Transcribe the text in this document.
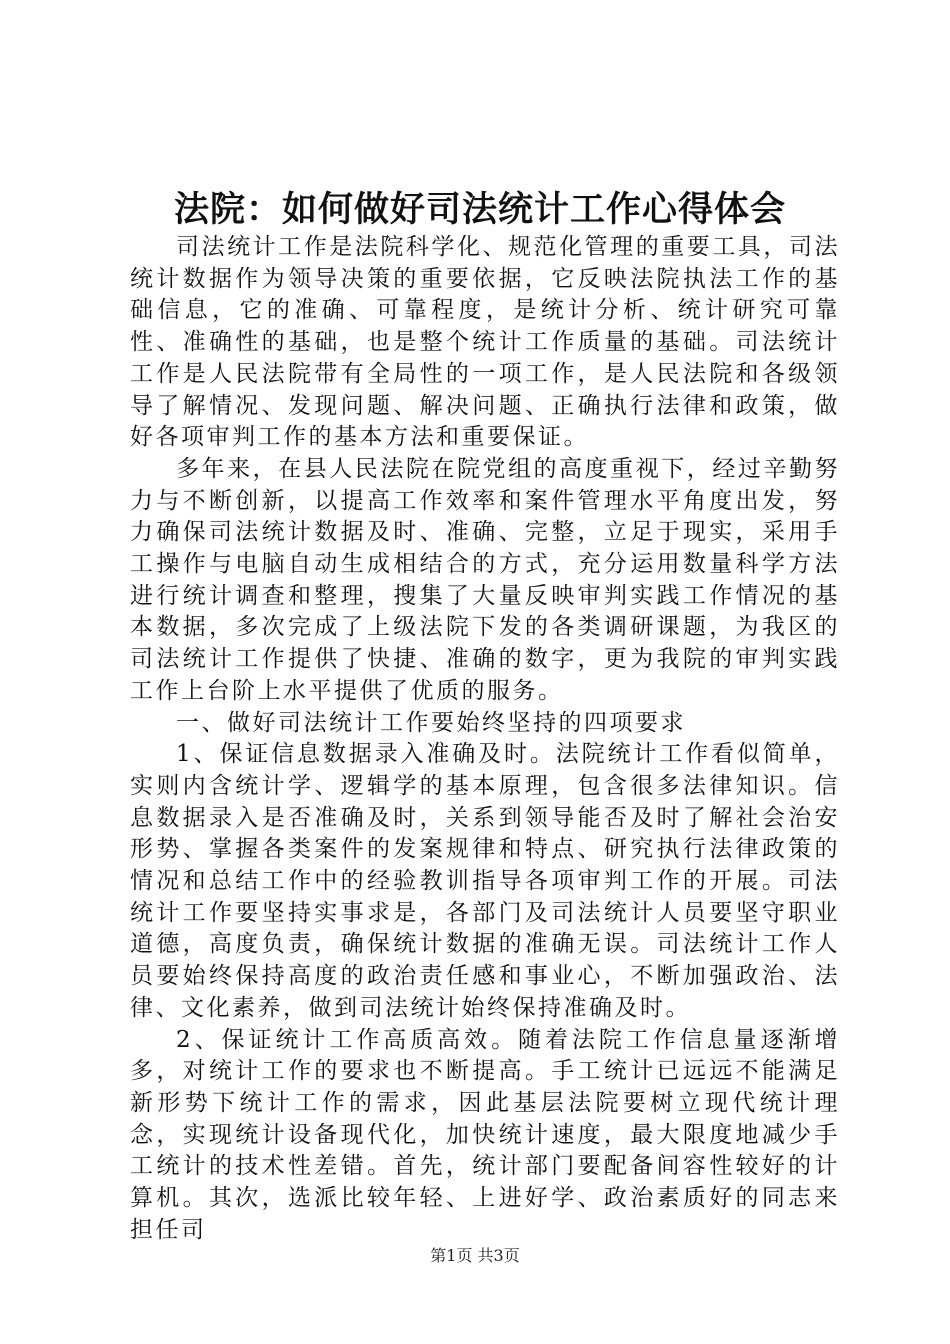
法院：如何做好司法统计工作心得体会

司法统计工作是法院科学化、规范化管理的重要工具，司法统计数据作为领导决策的重要依据，它反映法院执法工作的基础信息，它的准确、可靠程度，是统计分析、统计研究可靠性、准确性的基础，也是整个统计工作质量的基础。司法统计工作是人民法院带有全局性的一项工作，是人民法院和各级领导了解情况、发现问题、解决问题、正确执行法律和政策，做好各项审判工作的基本方法和重要保证。

多年来，在县人民法院在院党组的高度重视下，经过辛勤努力与不断创新，以提高工作效率和案件管理水平角度出发，努力确保司法统计数据及时、准确、完整，立足于现实，采用手工操作与电脑自动生成相结合的方式，充分运用数量科学方法进行统计调查和整理，搜集了大量反映审判实践工作情况的基本数据，多次完成了上级法院下发的各类调研课题，为我区的司法统计工作提供了快捷、准确的数字，更为我院的审判实践工作上台阶上水平提供了优质的服务。

一、做好司法统计工作要始终坚持的四项要求

1、保证信息数据录入准确及时。法院统计工作看似简单，实则内含统计学、逻辑学的基本原理，包含很多法律知识。信息数据录入是否准确及时，关系到领导能否及时了解社会治安形势、掌握各类案件的发案规律和特点、研究执行法律政策的情况和总结工作中的经验教训指导各项审判工作的开展。司法统计工作要坚持实事求是，各部门及司法统计人员要坚守职业道德，高度负责，确保统计数据的准确无误。司法统计工作人员要始终保持高度的政治责任感和事业心，不断加强政治、法律、文化素养，做到司法统计始终保持准确及时。

2、保证统计工作高质高效。随着法院工作信息量逐渐增多，对统计工作的要求也不断提高。手工统计已远远不能满足新形势下统计工作的需求，因此基层法院要树立现代统计理念，实现统计设备现代化，加快统计速度，最大限度地减少手工统计的技术性差错。首先，统计部门要配备间容性较好的计算机。其次，选派比较年轻、上进好学、政治素质好的同志来担任司

第1页 共3页
